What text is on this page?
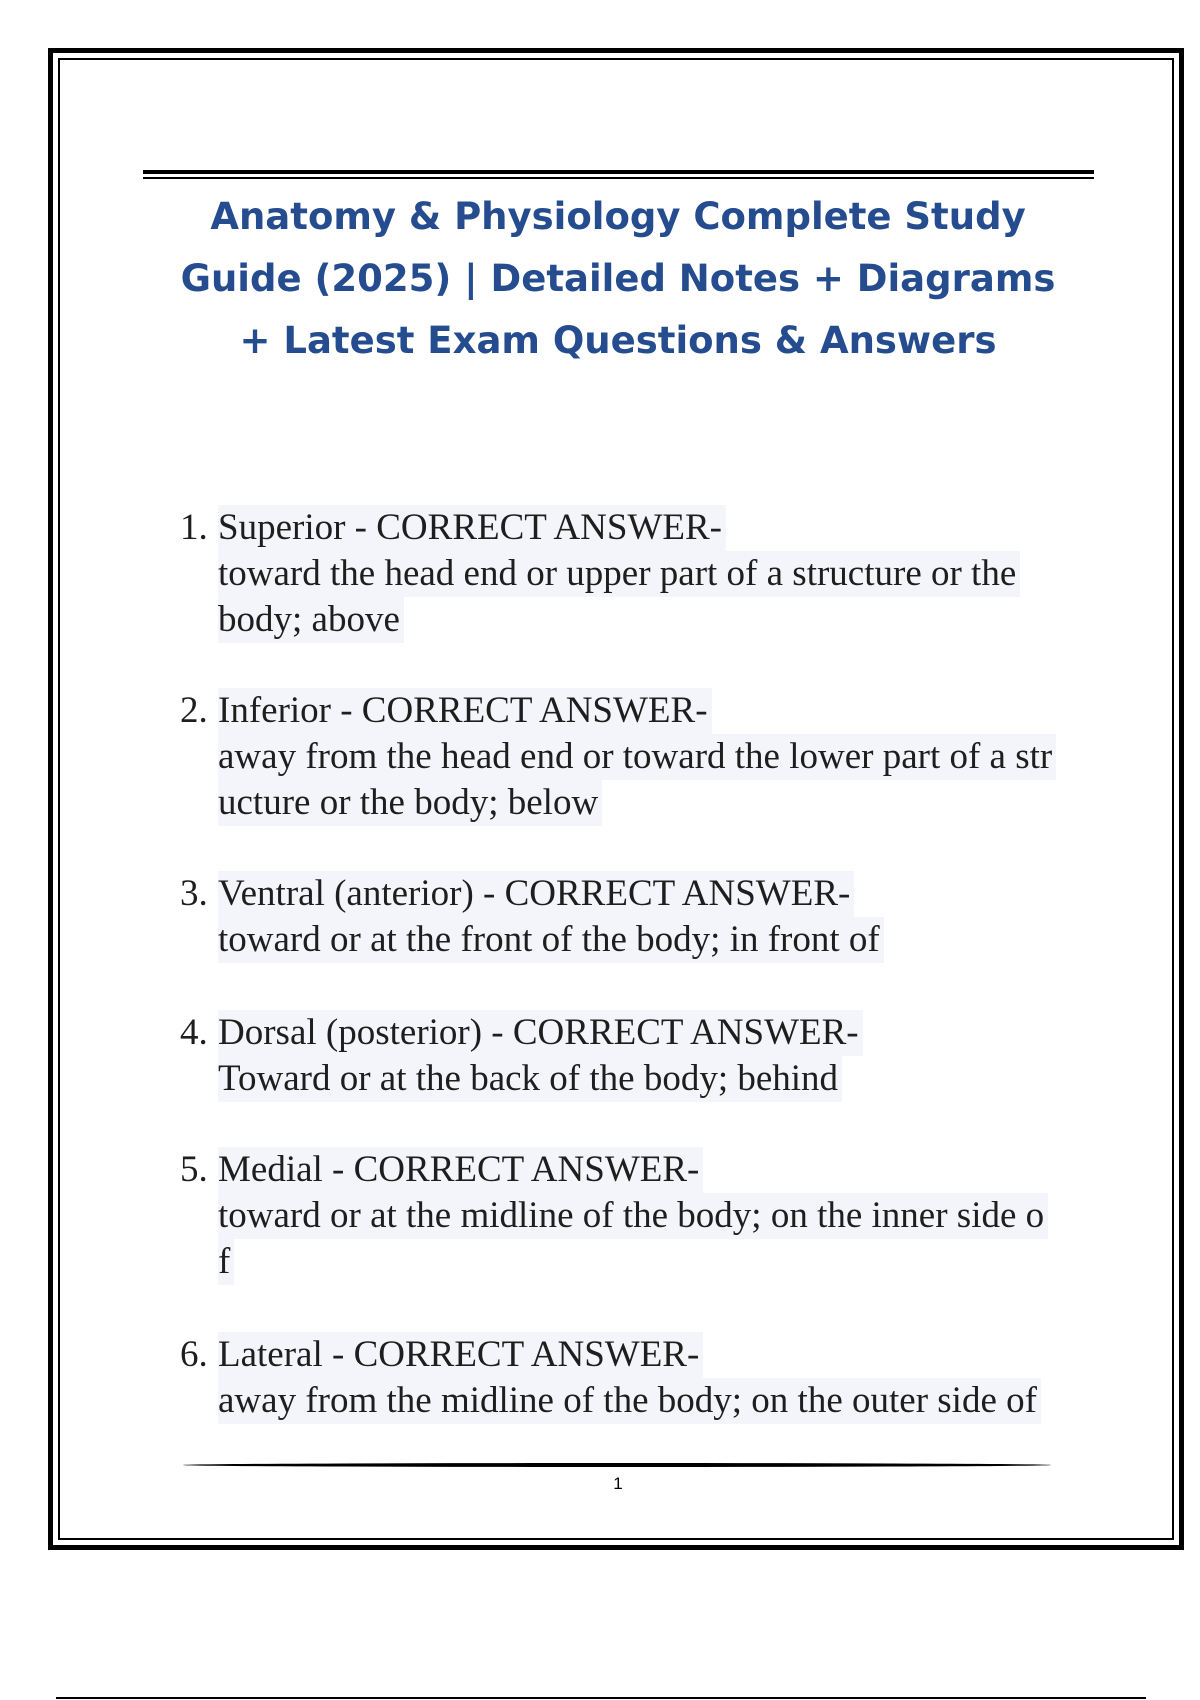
Anatomy & Physiology Complete Study
Guide (2025) | Detailed Notes + Diagrams
+ Latest Exam Questions & Answers
1. Superior - CORRECT ANSWER-
toward the head end or upper part of a structure or the
body; above
2. Inferior - CORRECT ANSWER-
away from the head end or toward the lower part of a str
ucture or the body; below
3. Ventral (anterior) - CORRECT ANSWER-
toward or at the front of the body; in front of
4. Dorsal (posterior) - CORRECT ANSWER-
Toward or at the back of the body; behind
5. Medial - CORRECT ANSWER-
toward or at the midline of the body; on the inner side o
f
6. Lateral - CORRECT ANSWER-
away from the midline of the body; on the outer side of
1
